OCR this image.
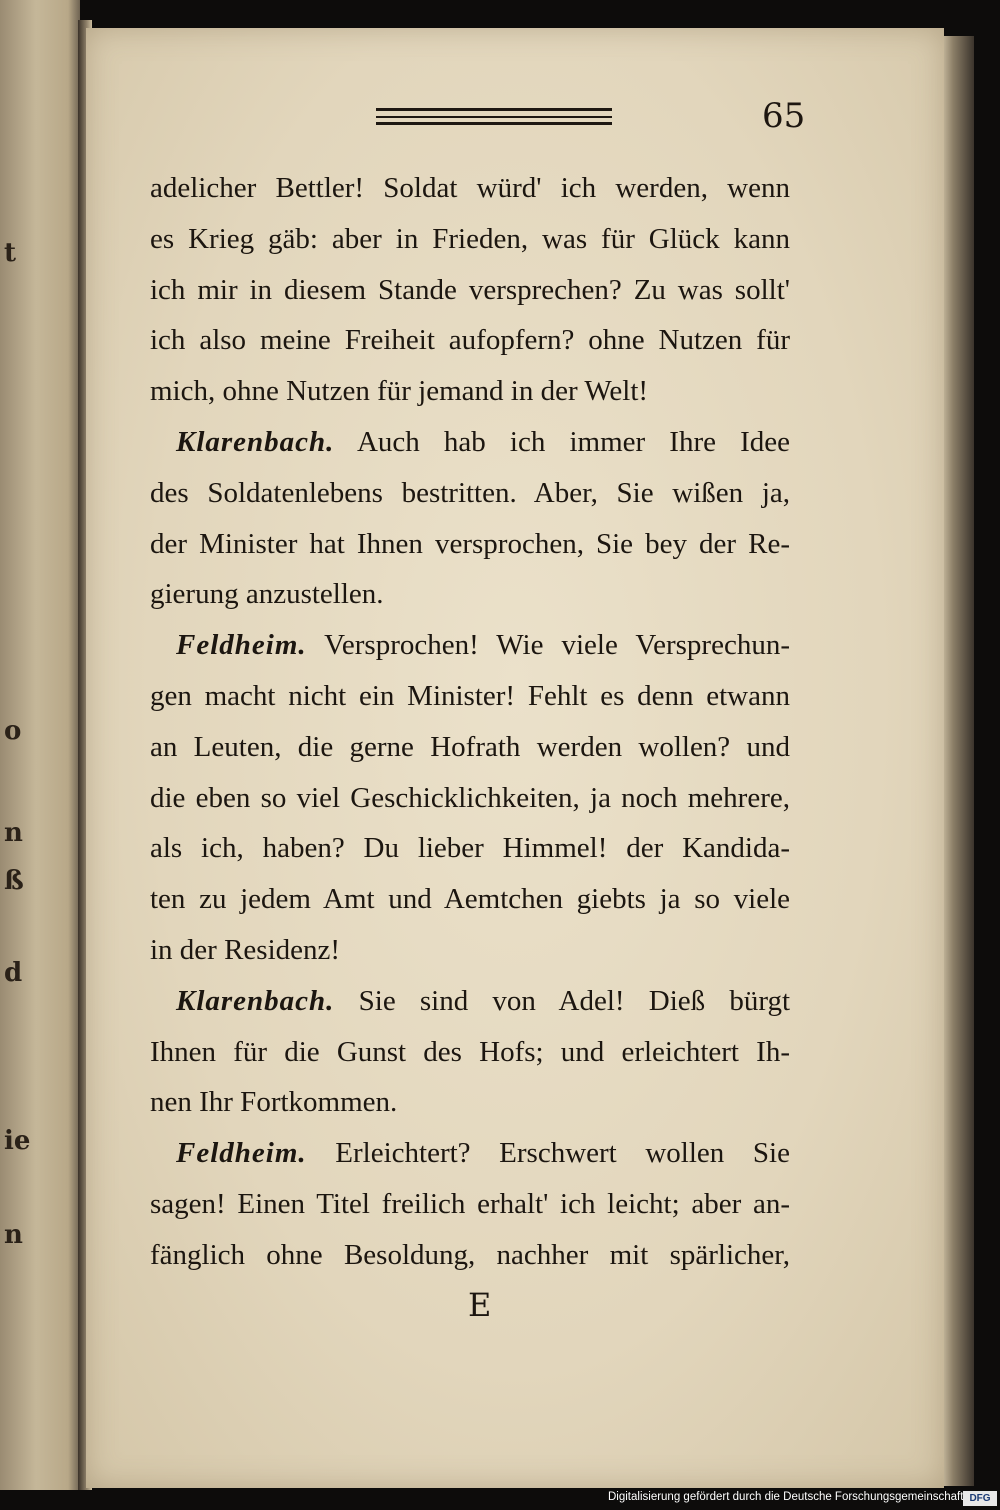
t
o
n
ß
d
ie
n
65
adelicher Bettler! Soldat würd' ich werden, wenn
es Krieg gäb: aber in Frieden, was für Glück kann
ich mir in diesem Stande versprechen? Zu was sollt'
ich also meine Freiheit aufopfern? ohne Nutzen für
mich, ohne Nutzen für jemand in der Welt!
Klarenbach. Auch hab ich immer Ihre Idee
des Soldatenlebens bestritten. Aber, Sie wißen ja,
der Minister hat Ihnen versprochen, Sie bey der Re-
gierung anzustellen.
Feldheim. Versprochen! Wie viele Versprechun-
gen macht nicht ein Minister! Fehlt es denn etwann
an Leuten, die gerne Hofrath werden wollen? und
die eben so viel Geschicklichkeiten, ja noch mehrere,
als ich, haben? Du lieber Himmel! der Kandida-
ten zu jedem Amt und Aemtchen giebts ja so viele
in der Residenz!
Klarenbach. Sie sind von Adel! Dieß bürgt
Ihnen für die Gunst des Hofs; und erleichtert Ih-
nen Ihr Fortkommen.
Feldheim. Erleichtert? Erschwert wollen Sie
sagen! Einen Titel freilich erhalt' ich leicht; aber an-
fänglich ohne Besoldung, nachher mit spärlicher,
E
Digitalisierung gefördert durch die Deutsche Forschungsgemeinschaft DFG
